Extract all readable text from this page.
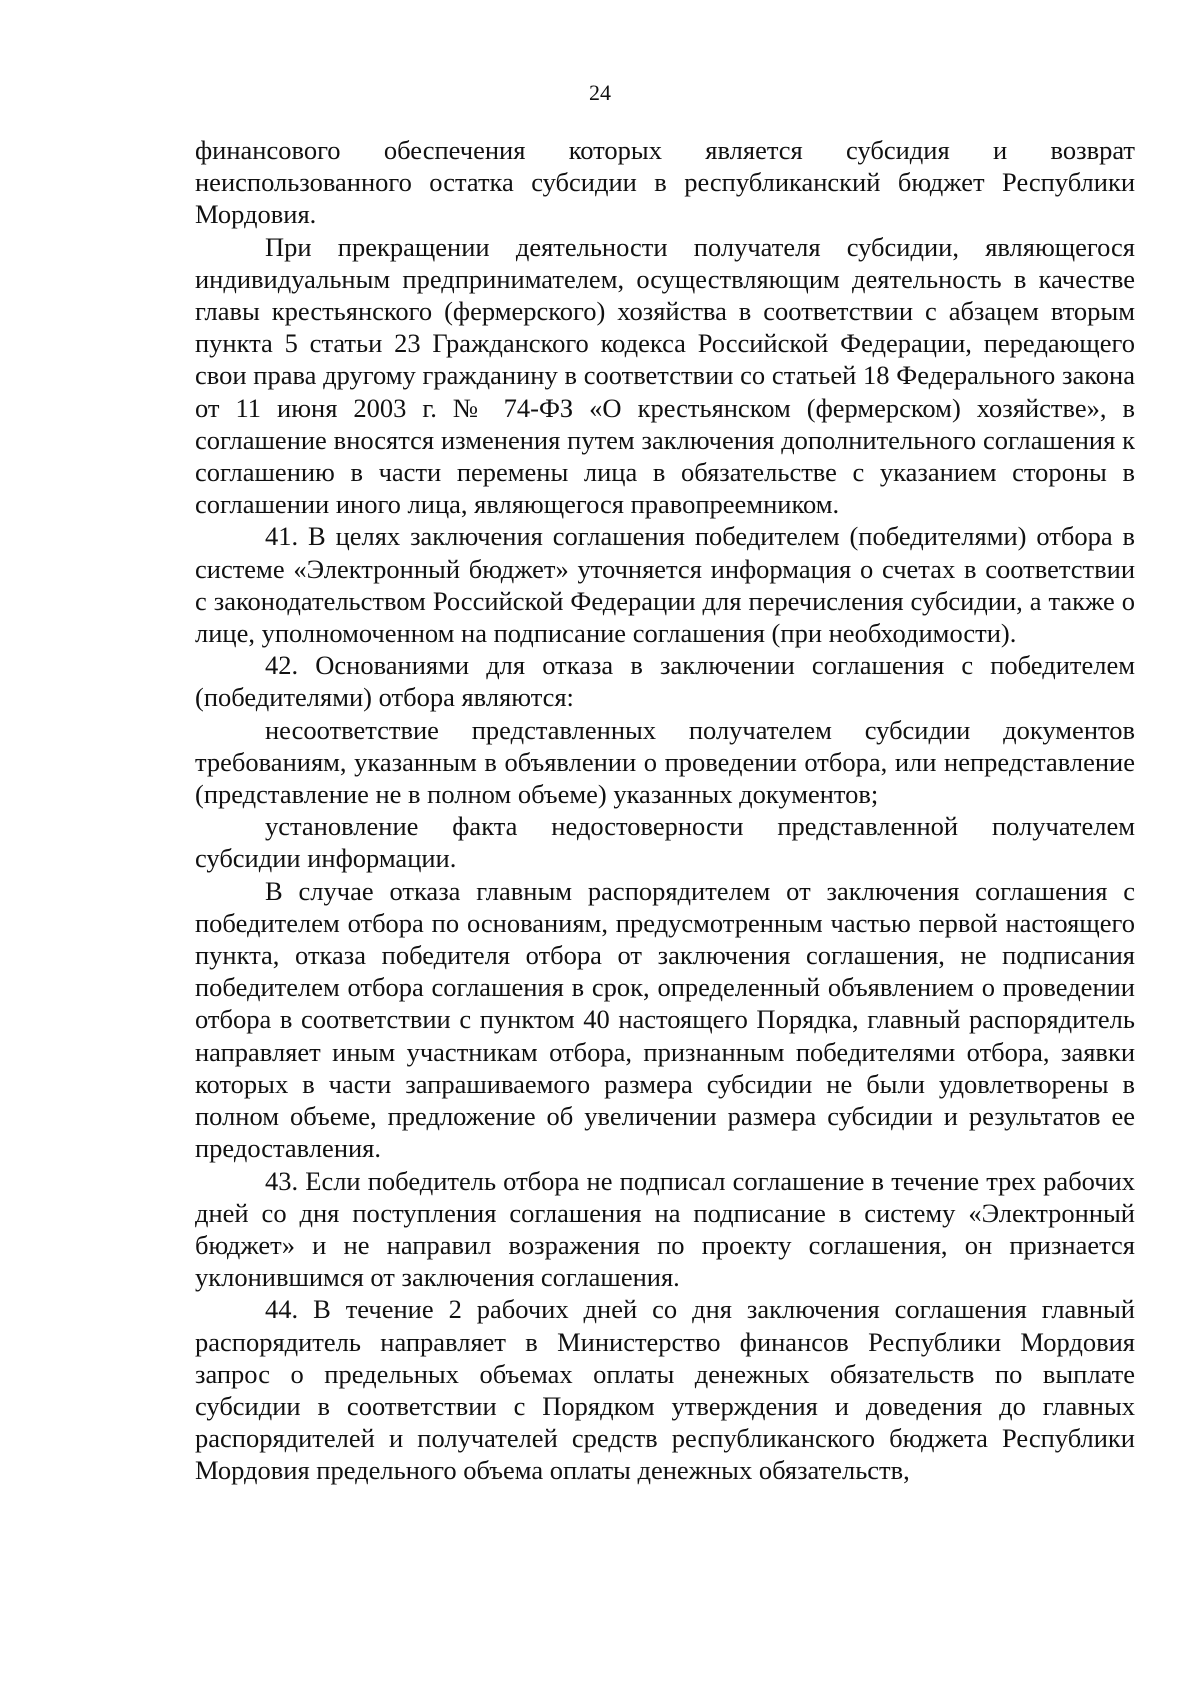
24

финансового обеспечения которых является субсидия и возврат неиспользованного остатка субсидии в республиканский бюджет Республики Мордовия.

При прекращении деятельности получателя субсидии, являющегося индивидуальным предпринимателем, осуществляющим деятельность в качестве главы крестьянского (фермерского) хозяйства в соответствии с абзацем вторым пункта 5 статьи 23 Гражданского кодекса Российской Федерации, передающего свои права другому гражданину в соответствии со статьей 18 Федерального закона от 11 июня 2003 г. № 74-ФЗ «О крестьянском (фермерском) хозяйстве», в соглашение вносятся изменения путем заключения дополнительного соглашения к соглашению в части перемены лица в обязательстве с указанием стороны в соглашении иного лица, являющегося правопреемником.

41. В целях заключения соглашения победителем (победителями) отбора в системе «Электронный бюджет» уточняется информация о счетах в соответствии с законодательством Российской Федерации для перечисления субсидии, а также о лице, уполномоченном на подписание соглашения (при необходимости).

42. Основаниями для отказа в заключении соглашения с победителем (победителями) отбора являются:

несоответствие представленных получателем субсидии документов требованиям, указанным в объявлении о проведении отбора, или непредставление (представление не в полном объеме) указанных документов;

установление факта недостоверности представленной получателем субсидии информации.

В случае отказа главным распорядителем от заключения соглашения с победителем отбора по основаниям, предусмотренным частью первой настоящего пункта, отказа победителя отбора от заключения соглашения, не подписания победителем отбора соглашения в срок, определенный объявлением о проведении отбора в соответствии с пунктом 40 настоящего Порядка, главный распорядитель направляет иным участникам отбора, признанным победителями отбора, заявки которых в части запрашиваемого размера субсидии не были удовлетворены в полном объеме, предложение об увеличении размера субсидии и результатов ее предоставления.

43. Если победитель отбора не подписал соглашение в течение трех рабочих дней со дня поступления соглашения на подписание в систему «Электронный бюджет» и не направил возражения по проекту соглашения, он признается уклонившимся от заключения соглашения.

44. В течение 2 рабочих дней со дня заключения соглашения главный распорядитель направляет в Министерство финансов Республики Мордовия запрос о предельных объемах оплаты денежных обязательств по выплате субсидии в соответствии с Порядком утверждения и доведения до главных распорядителей и получателей средств республиканского бюджета Республики Мордовия предельного объема оплаты денежных обязательств,
